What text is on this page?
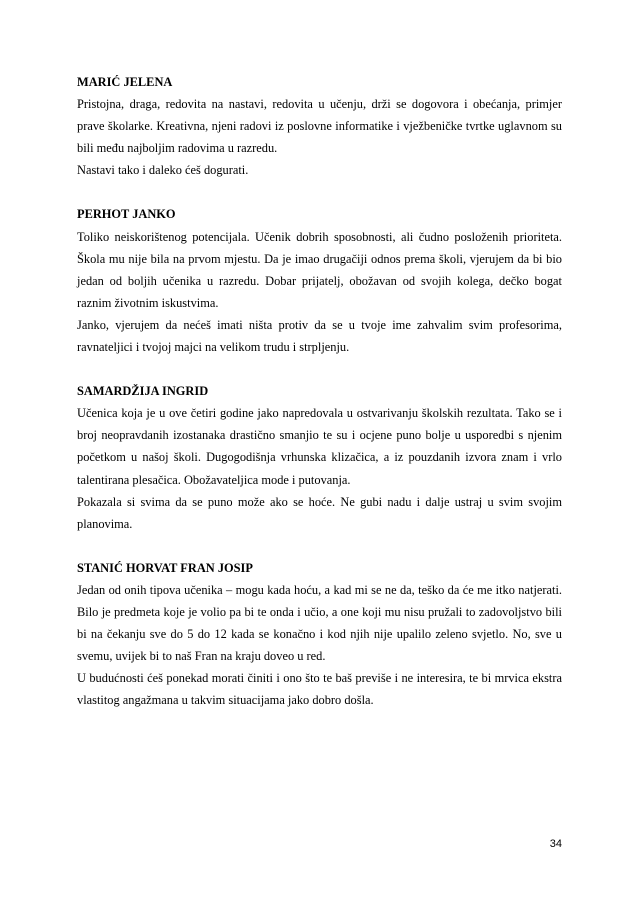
MARIĆ JELENA

Pristojna, draga, redovita na nastavi, redovita u učenju, drži se dogovora i obećanja, primjer prave školarke. Kreativna, njeni radovi iz poslovne informatike i vježbeničke tvrtke uglavnom su bili među najboljim radovima u razredu.

Nastavi tako i daleko ćeš dogurati.

PERHOT JANKO

Toliko neiskorištenog potencijala. Učenik dobrih sposobnosti, ali čudno posloženih prioriteta. Škola mu nije bila na prvom mjestu. Da je imao drugačiji odnos prema školi, vjerujem da bi bio jedan od boljih učenika u razredu. Dobar prijatelj, obožavan od svojih kolega, dečko bogat raznim životnim iskustvima.

Janko, vjerujem da nećeš imati ništa protiv da se u tvoje ime zahvalim svim profesorima, ravnateljici i tvojoj majci na velikom trudu i strpljenju.

SAMARDŽIJA INGRID

Učenica koja je u ove četiri godine jako napredovala u ostvarivanju školskih rezultata. Tako se i broj neopravdanih izostanaka drastično smanjio te su i ocjene puno bolje u usporedbi s njenim početkom u našoj školi. Dugogodišnja vrhunska klizačica, a iz pouzdanih izvora znam i vrlo talentirana plesačica. Obožavateljica mode i putovanja.

Pokazala si svima da se puno može ako se hoće. Ne gubi nadu i dalje ustraj u svim svojim planovima.

STANIĆ HORVAT FRAN JOSIP

Jedan od onih tipova učenika – mogu kada hoću, a kad mi se ne da, teško da će me itko natjerati. Bilo je predmeta koje je volio pa bi te onda i učio, a one koji mu nisu pružali to zadovoljstvo bili bi na čekanju sve do 5 do 12 kada se konačno i kod njih nije upalilo zeleno svjetlo. No, sve u svemu, uvijek bi to naš Fran na kraju doveo u red.

U budućnosti ćeš ponekad morati činiti i ono što te baš previše i ne interesira, te bi mrvica ekstra vlastitog angažmana u takvim situacijama jako dobro došla.

34
